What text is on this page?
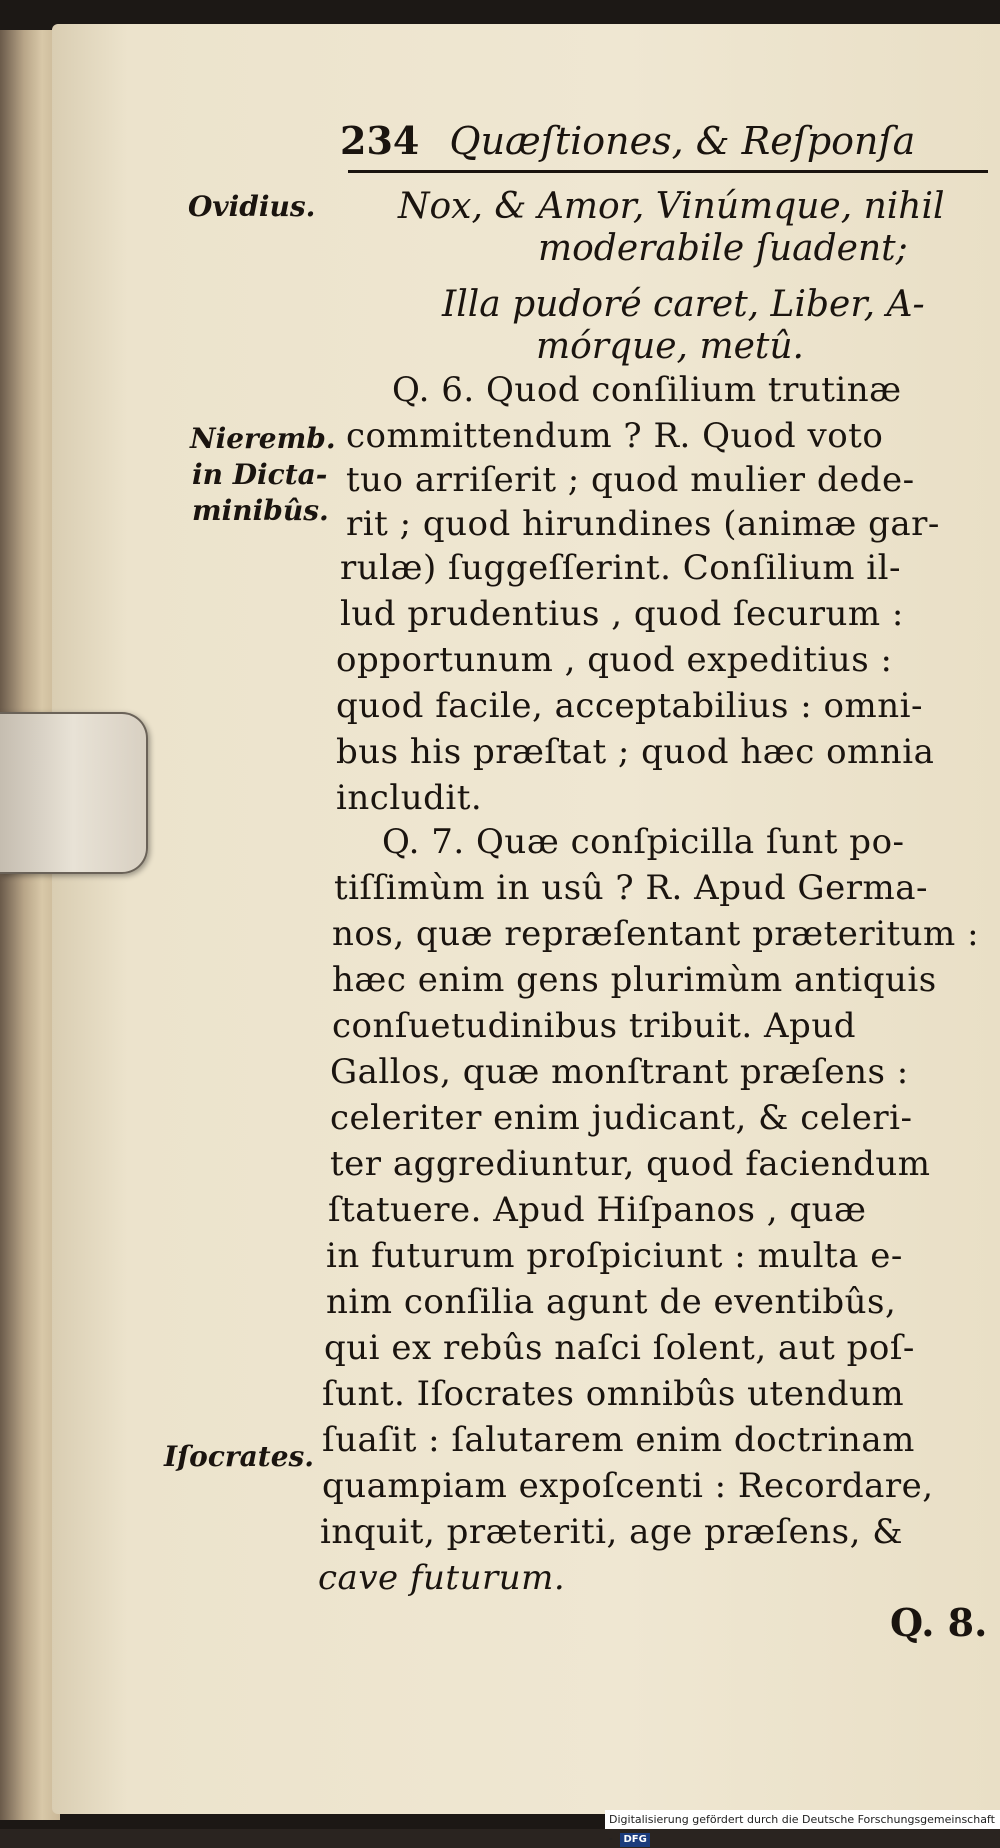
234 Quæſtiones, & Reſponſa
Ovidius.
Nieremb.
in Dicta-
minibûs.
Iſocrates.
Nox, & Amor, Vinúmque, nihil
moderabile ſuadent;
Illa pudoré caret, Liber, A-
mórque, metû.
Q. 6. Quod conſilium trutinæ
committendum ? R. Quod voto
tuo arriſerit ; quod mulier dede-
rit ; quod hirundines (animæ gar-
rulæ) ſuggeſſerint. Conſilium il-
lud prudentius , quod ſecurum :
opportunum , quod expeditius :
quod facile, acceptabilius : omni-
bus his præſtat ; quod hæc omnia
includit.
Q. 7. Quæ conſpicilla ſunt po-
tiſſimùm in usû ? R. Apud Germa-
nos, quæ repræſentant præteritum :
hæc enim gens plurimùm antiquis
conſuetudinibus tribuit. Apud
Gallos, quæ monſtrant præſens :
celeriter enim judicant, & celeri-
ter aggrediuntur, quod faciendum
ſtatuere. Apud Hiſpanos , quæ
in futurum proſpiciunt : multa e-
nim conſilia agunt de eventibûs,
qui ex rebûs naſci ſolent, aut poſ-
ſunt. Iſocrates omnibûs utendum
ſuaſit : ſalutarem enim doctrinam
quampiam expoſcenti : Recordare,
inquit, præteriti, age præſens, &
cave futurum.
Q. 8.
Digitalisierung gefördert durch die Deutsche Forschungsgemeinschaft - DFG
